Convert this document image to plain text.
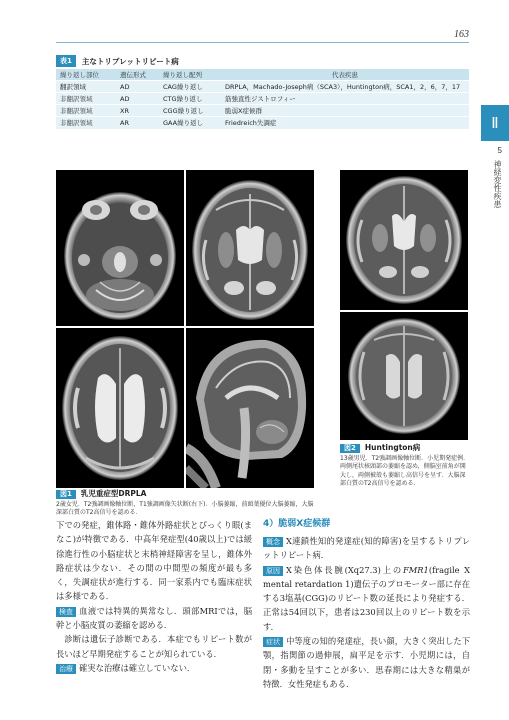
163
Ⅱ
5
神経変性疾患
表1	主なトリプレットリピート病
繰り返し部位	遺伝形式	繰り返し配列	代表疾患
翻訳領域	AD	CAG繰り返し	DRPLA，Machado-Joseph病（SCA3），Huntington病，SCA1，2，6，7，17
非翻訳領域	AD	CTG繰り返し	筋強直性ジストロフィー
非翻訳領域	XR	CGG繰り返し	脆弱X症候群
非翻訳領域	AR	GAA繰り返し	Friedreich失調症
図1	乳児重症型DRPLA
2歳女児．T2強調画像軸位断，T1強調画像矢状断(右下)．小脳萎縮，前頭葉優位大脳萎縮，大脳深部白質のT2高信号を認める．
図2	Huntington病
13歳男児．T2強調画像軸位断．小児期発症例．両側尾状核頭部の萎縮を認め，側脳室前角が開大し，両側被殻も萎縮し高信号を呈す．大脳深部白質のT2高信号を認める．

下での発症，錐体路・錐体外路症状とぴっくり眼(まなこ)が特徴である．中高年発症型(40歳以上)では緩徐進行性の小脳症状と末梢神経障害を呈し，錐体外路症状は少ない．その間の中間型の頻度が最も多く，失調症状が進行する．同一家系内でも臨床症状は多様である．

検査 血液では特異的異常なし．頭部MRIでは，脳幹と小脳皮質の萎縮を認める．

診断は遺伝子診断である．本症でもリピート数が長いほど早期発症することが知られている．

治療 確実な治療は確立していない．

4）脆弱X症候群

概念 X連鎖性知的発達症(知的障害)を呈するトリプレットリピート病．

原因 X染色体長腕(Xq27.3)上のFMR1(fragile X mental retardation 1)遺伝子のプロモーター部に存在する3塩基(CGG)のリピート数の延長により発症する．正常は54回以下，患者は230回以上のリピート数を示す．

症状 中等度の知的発達症，長い顔，大きく突出した下顎，指関節の過伸展，扁平足を示す．小児期には，自閉・多動を呈すことが多い．思春期には大きな精巣が特徴．女性発症もある．
